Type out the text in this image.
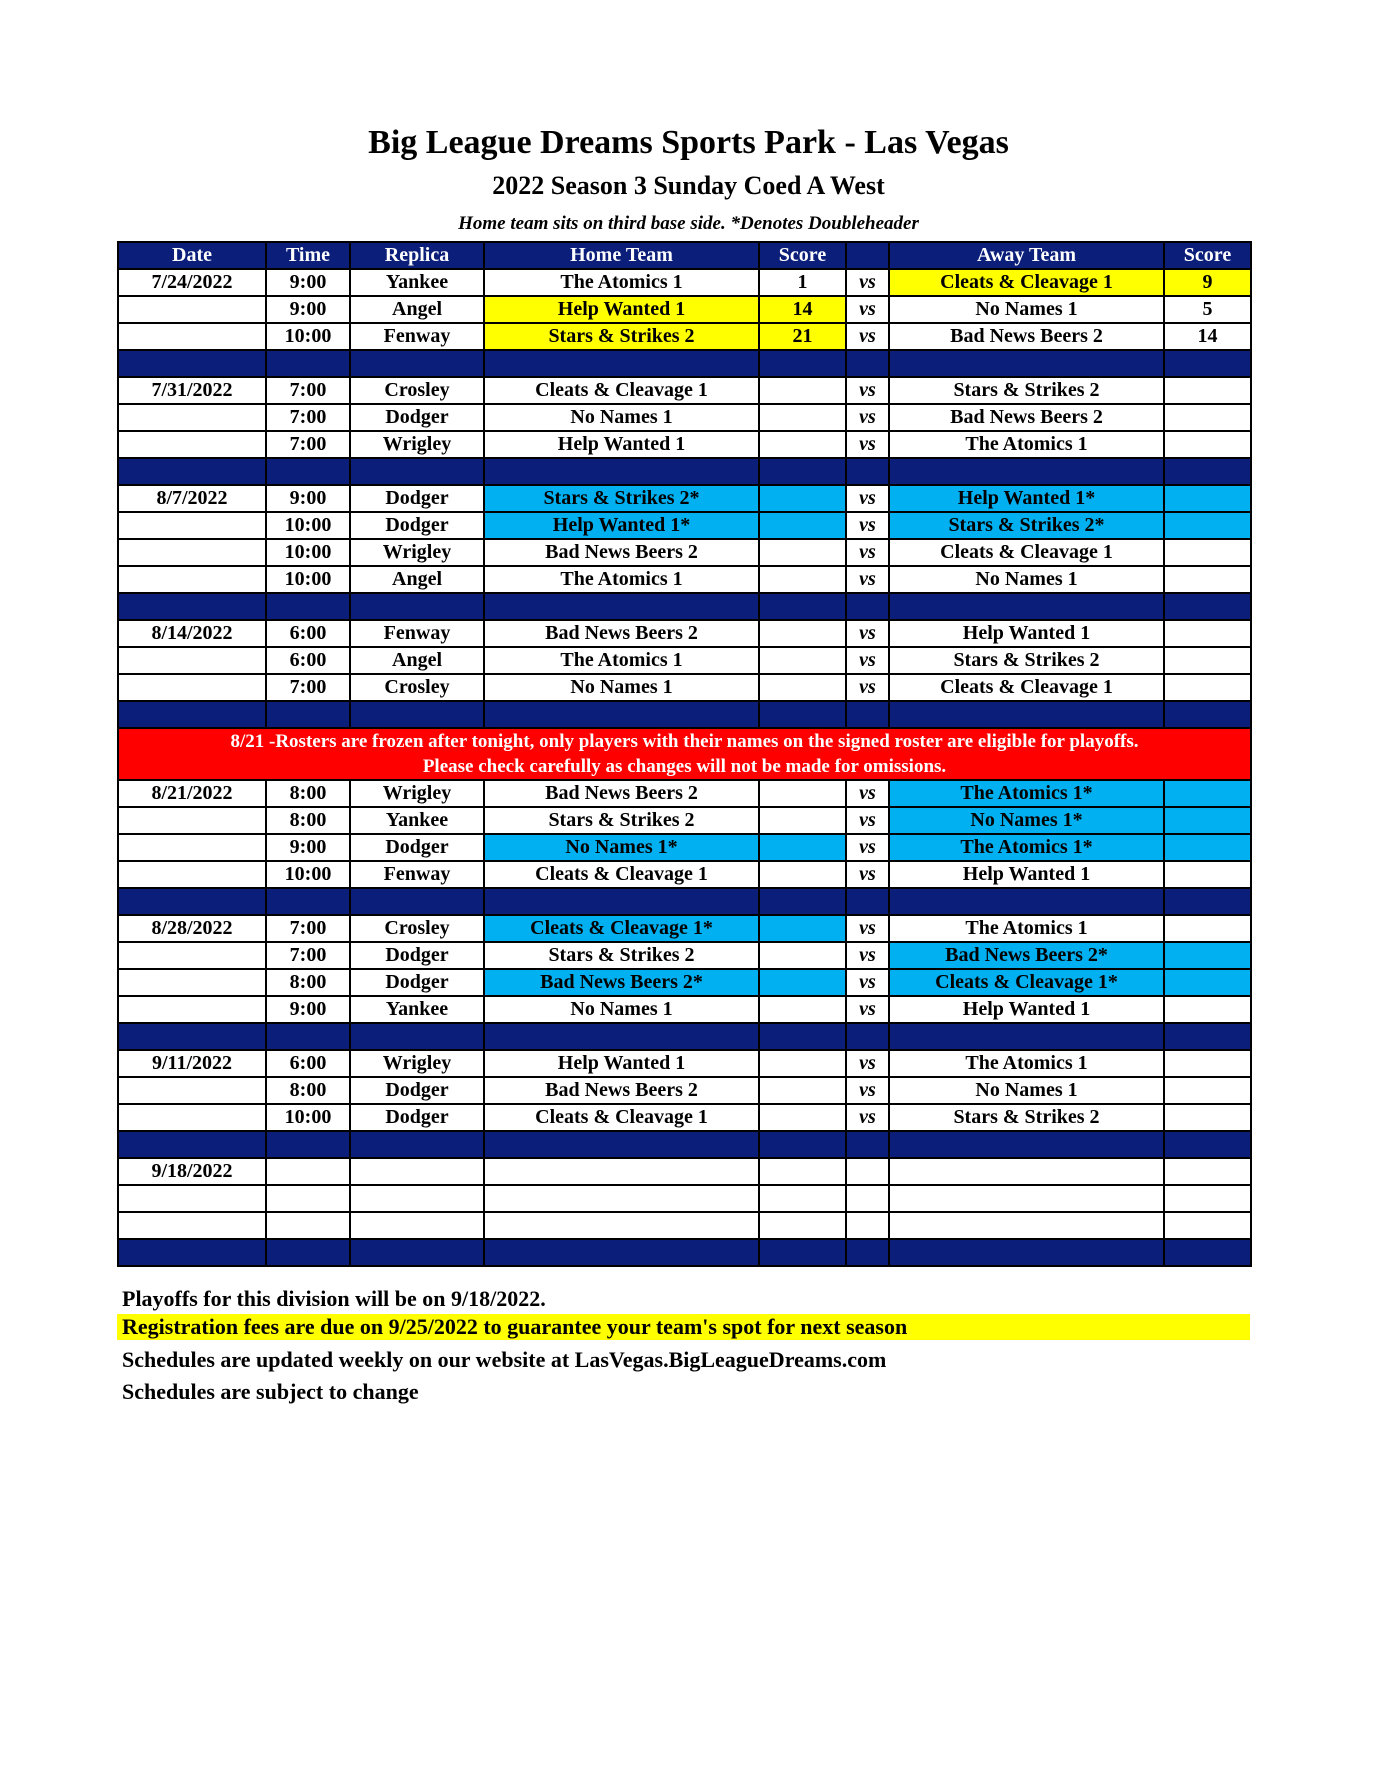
Big League Dreams Sports Park - Las Vegas
2022 Season 3 Sunday Coed A West
Home team sits on third base side. *Denotes Doubleheader
Date	Time	Replica	Home Team	Score		Away Team	Score
7/24/2022	9:00	Yankee	The Atomics 1	1	vs	Cleats & Cleavage 1	9
	9:00	Angel	Help Wanted 1	14	vs	No Names 1	5
	10:00	Fenway	Stars & Strikes 2	21	vs	Bad News Beers 2	14

7/31/2022	7:00	Crosley	Cleats & Cleavage 1		vs	Stars & Strikes 2	
	7:00	Dodger	No Names 1		vs	Bad News Beers 2	
	7:00	Wrigley	Help Wanted 1		vs	The Atomics 1	

8/7/2022	9:00	Dodger	Stars & Strikes 2*		vs	Help Wanted 1*	
	10:00	Dodger	Help Wanted 1*		vs	Stars & Strikes 2*	
	10:00	Wrigley	Bad News Beers 2		vs	Cleats & Cleavage 1	
	10:00	Angel	The Atomics 1		vs	No Names 1	

8/14/2022	6:00	Fenway	Bad News Beers 2		vs	Help Wanted 1	
	6:00	Angel	The Atomics 1		vs	Stars & Strikes 2	
	7:00	Crosley	No Names 1		vs	Cleats & Cleavage 1	

8/21 -Rosters are frozen after tonight, only players with their names on the signed roster are eligible for playoffs.
Please check carefully as changes will not be made for omissions.							

8/21/2022	8:00	Wrigley	Bad News Beers 2		vs	The Atomics 1*	
	8:00	Yankee	Stars & Strikes 2		vs	No Names 1*	
	9:00	Dodger	No Names 1*		vs	The Atomics 1*	
	10:00	Fenway	Cleats & Cleavage 1		vs	Help Wanted 1	

8/28/2022	7:00	Crosley	Cleats & Cleavage 1*		vs	The Atomics 1	
	7:00	Dodger	Stars & Strikes 2		vs	Bad News Beers 2*	
	8:00	Dodger	Bad News Beers 2*		vs	Cleats & Cleavage 1*	
	9:00	Yankee	No Names 1		vs	Help Wanted 1	

9/11/2022	6:00	Wrigley	Help Wanted 1		vs	The Atomics 1	
	8:00	Dodger	Bad News Beers 2		vs	No Names 1	
	10:00	Dodger	Cleats & Cleavage 1		vs	Stars & Strikes 2	

9/18/2022							

Playoffs for this division will be on 9/18/2022.
Registration fees are due on 9/25/2022 to guarantee your team's spot for next season
Schedules are updated weekly on our website at LasVegas.BigLeagueDreams.com
Schedules are subject to change
